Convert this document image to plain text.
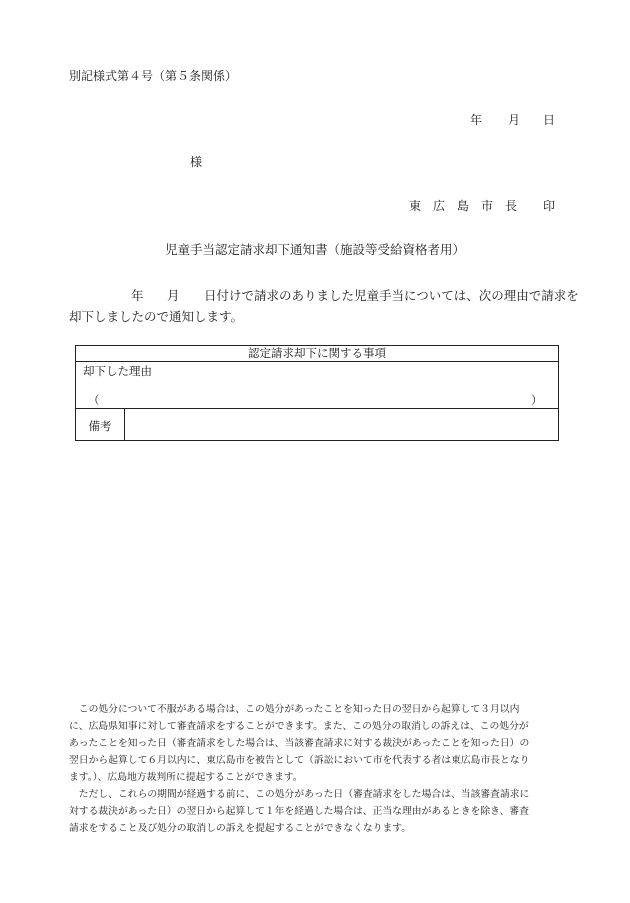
別記様式第４号（第５条関係）
年 月 日
様
東　広　島　市　長 印
児童手当認定請求却下通知書（施設等受給資格者用）
年 月 日付けで請求のありました児童手当については、次の理由で請求を
却下しましたので通知します。
認定請求却下に関する事項
却下した理由
（	）
備考
　この処分について不服がある場合は、この処分があったことを知った日の翌日から起算して３月以内
に、広島県知事に対して審査請求をすることができます。また、この処分の取消しの訴えは、この処分が
あったことを知った日（審査請求をした場合は、当該審査請求に対する裁決があったことを知った日）の
翌日から起算して６月以内に、東広島市を被告として（訴訟において市を代表する者は東広島市長となり
ます。）、広島地方裁判所に提起することができます。
　ただし、これらの期間が経過する前に、この処分があった日（審査請求をした場合は、当該審査請求に
対する裁決があった日）の翌日から起算して１年を経過した場合は、正当な理由があるときを除き、審査
請求をすること及び処分の取消しの訴えを提起することができなくなります。
